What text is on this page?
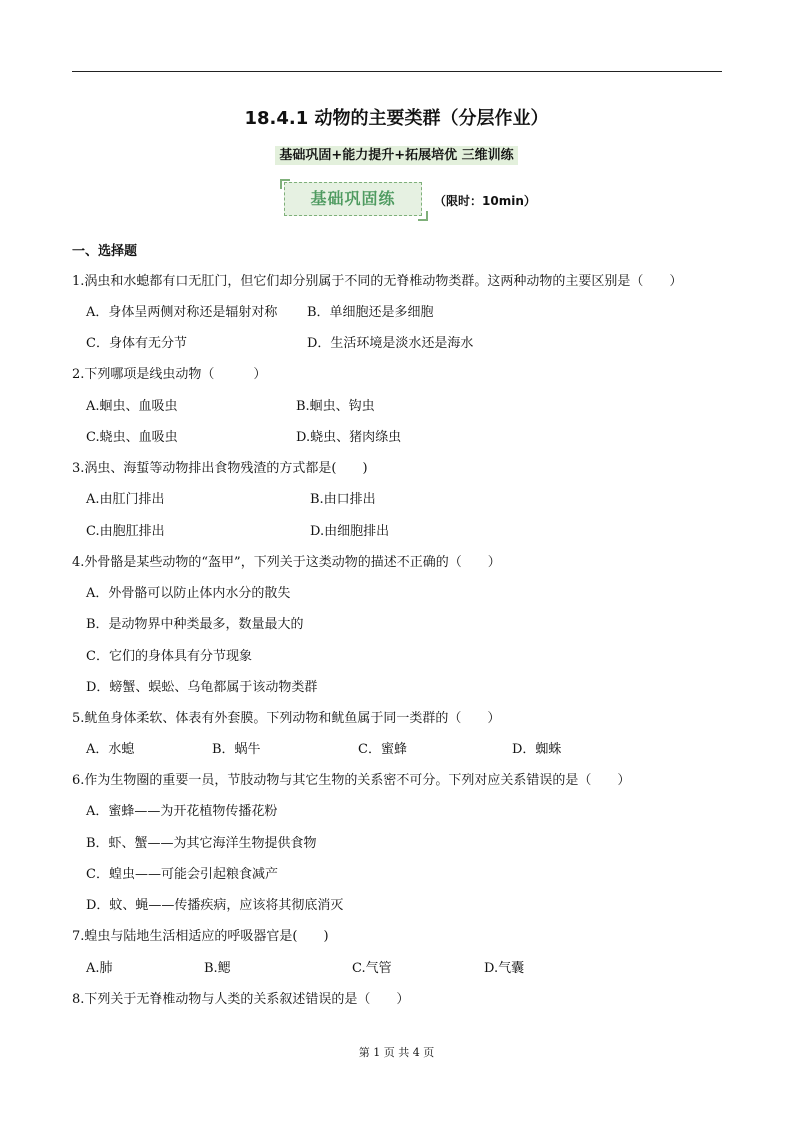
18.4.1 动物的主要类群（分层作业）
基础巩固+能力提升+拓展培优 三维训练
基础巩固练	（限时：10min）
一、选择题
1.涡虫和水螅都有口无肛门，但它们却分别属于不同的无脊椎动物类群。这两种动物的主要区别是（　　）
A．身体呈两侧对称还是辐射对称 B．单细胞还是多细胞
C．身体有无分节	D．生活环境是淡水还是海水
2.下列哪项是线虫动物（　　　）
A.蛔虫、血吸虫	B.蛔虫、钩虫
C.蛲虫、血吸虫	D.蛲虫、猪肉绦虫
3.涡虫、海蜇等动物排出食物残渣的方式都是(　　)
A.由肛门排出	B.由口排出
C.由胞肛排出	D.由细胞排出
4.外骨骼是某些动物的“盔甲”，下列关于这类动物的描述不正确的（　　）
A．外骨骼可以防止体内水分的散失
B．是动物界中种类最多，数量最大的
C．它们的身体具有分节现象
D．螃蟹、蜈蚣、乌龟都属于该动物类群
5.鱿鱼身体柔软、体表有外套膜。下列动物和鱿鱼属于同一类群的（　　）
A．水螅	B．蜗牛	C．蜜蜂	D．蜘蛛
6.作为生物圈的重要一员，节肢动物与其它生物的关系密不可分。下列对应关系错误的是（　　）
A．蜜蜂——为开花植物传播花粉
B．虾、蟹——为其它海洋生物提供食物
C．蝗虫——可能会引起粮食减产
D．蚊、蝇——传播疾病，应该将其彻底消灭
7.蝗虫与陆地生活相适应的呼吸器官是(　　)
A.肺	B.鳃	C.气管	D.气囊
8.下列关于无脊椎动物与人类的关系叙述错误的是（　　）
第 1 页 共 4 页
